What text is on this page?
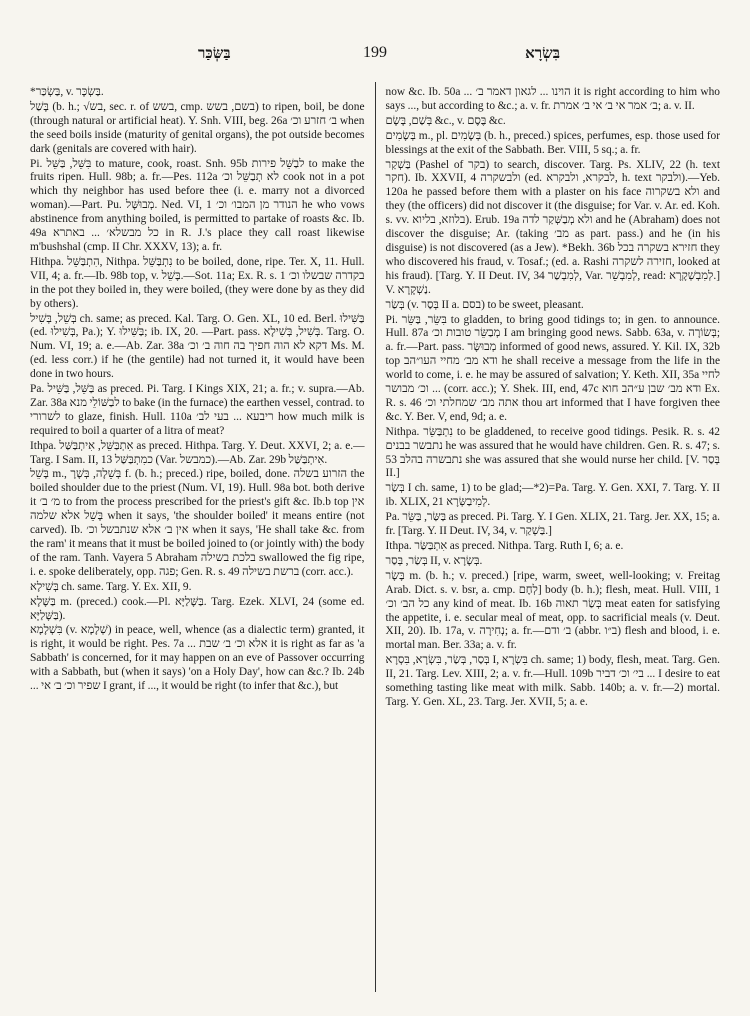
בַּשְּׂכַּר	199	בִּשְׂרָא

*בַּשְׂכַּר, v. בַּשְׂכָּר.

בָּשַׁל (b. h.; √בש, sec. r. of בשש, cmp. בשם, בשש) to ripen, boil, be done (through natural or artificial heat). Y. Snh. VIII, beg. 26a ב׳ חזרע וכ׳ when the seed boils inside (maturity of genital organs), the pot outside becomes dark (genitals are covered with hair).

Pi. בִּשֵּׁל, בַּשֵּׁל to mature, cook, roast. Snh. 95b לבַשֵּׁל פירות to make the fruits ripen. Hull. 98b; a. fr.—Pes. 112a לא תְבַשֵּׁל וכ׳ cook not in a pot which thy neighbor has used before thee (i. e. marry not a divorced woman).—Part. Pu. מְבוּשָּׁל. Ned. VI, 1 הנודר מן המבו׳ וכ׳ he who vows abstinence from anything boiled, is permitted to partake of roasts &c. Ib. 49a כל מבשלא׳ ... באתרא in R. J.'s place they call roast likewise m'bushshal (cmp. II Chr. XXXV, 13); a. fr.

Hithpa. הִתְבַּשֵּׁל, Nithpa. נִתְבַּשֵּׁל to be boiled, done, ripe. Ter. X, 11. Hull. VII, 4; a. fr.—Ib. 98b top, v. בָּשֵׁל.—Sot. 11a; Ex. R. s. 1 בקדרה שבשלו וכ׳ in the pot they boiled in, they were boiled, (they were done by as they did by others).

בְּשֵׁל, בְּשִׁיל ch. same; as preced. Kal. Targ. O. Gen. XL, 10 ed. Berl. בַּשִּׁילוּ (ed. בְּשִׁילוּ, Pa.); Y. בַּשִּׁילוּ; ib. IX, 20. —Part. pass. בְּשִׁיל, בְּשִׁילָא. Targ. O. Num. VI, 19; a. e.—Ab. Zar. 38a דקא לא הוה חפיך בה חוה ב׳ וכ׳ Ms. M. (ed. less corr.) if he (the gentile) had not turned it, it would have been done in two hours.

Pa. בַּשֵּׁל, בַּשֵּׁיל as preced. Pi. Targ. I Kings XIX, 21; a. fr.; v. supra.—Ab. Zar. 38a לבַשּׁוֹלֵי מנא to bake (in the furnace) the earthen vessel, contrad. to לשרורי to glaze, finish. Hull. 110a ריבעא ... בעי לב׳ how much milk is required to boil a quarter of a litra of meat?

Ithpa. אִתְבַּשֵּׁל, אִיתְבַּשַּׁל as preced. Hithpa. Targ. Y. Deut. XXVI, 2; a. e.—Targ. I Sam. II, 13 כמִתְבַּשַּׁל (Var. כמבשל).—Ab. Zar. 29b אִיתְבַּשַּׁל.

בָּשֵׁל m., בְּשֵׁלָה, בְּשָׁרָ f. (b. h.; preced.) ripe, boiled, done. הזרוע בשלה the boiled shoulder due to the priest (Num. VI, 19). Hull. 98a bot. both derive it מ׳ ב׳ to from the process prescribed for the priest's gift &c. Ib.b top אין בָּשֵׁל אלא שלמה when it says, 'the shoulder boiled' it means entire (not carved). Ib. אין ב׳ אלא שנתבשל וכ׳ when it says, 'He shall take &c. from the ram' it means that it must be boiled joined to (or jointly with) the body of the ram. Tanh. Vayera 5 Abraham בלכת בשילה swallowed the fig ripe, i. e. spoke deliberately, opp. פגה; Gen. R. s. 49 ברשת בשילה (corr. acc.).

בְּשִׁילָא ch. same. Targ. Y. Ex. XII, 9.

בַּשָּׁלָא m. (preced.) cook.—Pl. בַּשָּׁלַיָּא. Targ. Ezek. XLVI, 24 (some ed. בַּשָּׁלַיָּא).

בִּשְׁלָמָא (v. שְׁלָמָא) in peace, well, whence (as a dialectic term) granted, it is right, it would be right. Pes. 7a ... אלא וכ׳ ב׳ שבת it is right as far as 'a Sabbath' is concerned, for it may happen on an eve of Passover occurring with a Sabbath, but (when it says) 'on a Holy Day', how can &c.? Ib. 24b ... שפיר וכ׳ ב׳ אי I grant, if ..., it would be right (to infer that &c.), but

now &c. Ib. 50a ... הוינו ... לגאון דאמר ב׳ it is right according to him who says ..., but according to &c.; a. v. fr. ב׳ אמר אי ב׳ אי ב׳ אמרת; a. v. II.

בְּשַׁם, בָּשָׂם &c., v. בֶּסֶם &c.

בְּשָׂמִים m., pl. בְּשָׂמִים (b. h., preced.) spices, perfumes, esp. those used for blessings at the exit of the Sabbath. Ber. VIII, 5 sq.; a. fr.

בַּשְׁקַר (Pashel of בקר) to search, discover. Targ. Ps. XLIV, 22 (h. text חקר). Ib. XXVII, 4 ולבשקרה (ed. לבקרא, ולבקרא, h. text ולבקר).—Yeb. 120a he passed before them with a plaster on his face ולא בשקרוה and they (the officers) did not discover it (the disguise; for Var. v. Ar. ed. Koh. s. vv. בלוזא, בליוא). Erub. 19a ולא מְבַשְּׁקַר לדה and he (Abraham) does not discover the disguise; Ar. (taking מב׳ as part. pass.) and he (in his disguise) is not discovered (as a Jew). *Bekh. 36b חזירא בשקרה בכל they who discovered his fraud, v. Tosaf.; (ed. a. Rashi חזירה לשקרה, looked at his fraud). [Targ. Y. II Deut. IV, 34 לְמִבְשַׁר, Var. לְמִבְשֵׁר, read: לְמִבְשְׁקָרָא.] V. נַשְׁקָרָא.

בְּשַׂר (v. בְּסַר II a. בסם) to be sweet, pleasant.

Pi. בִּשֵּׂר, בַּשֵּׂר to gladden, to bring good tidings to; in gen. to announce. Hull. 87a מְבַשֵּׂר טובות וכ׳ I am bringing good news. Sabb. 63a, v. בְּשׂוֹרָה; a. fr.—Part. pass. מְבוּשָּׂר informed of good news, assured. Y. Kil. IX, 32b top ודא מב׳ מחיי העו״הב he shall receive a message from the life in the world to come, i. e. he may be assured of salvation; Y. Keth. XII, 35a לחיי וכ׳ מבושר ... (corr. acc.); Y. Shek. III, end, 47c ודא מב׳ שבן ע״הב חוא Ex. R. s. 46 אתה מב׳ שמחלתי וכ׳ thou art informed that I have forgiven thee &c. Y. Ber. V, end, 9d; a. e.

Nithpa. נִתְבַּשֵּׂר to be gladdened, to receive good tidings. Pesik. R. s. 42 נתבשר בבנים he was assured that he would have children. Gen. R. s. 47; s. 53 נתבשרה בהלב she was assured that she would nurse her child. [V. בְּסַר II.]

בְּשַׂר I ch. same, 1) to be glad;—*2)=Pa. Targ. Y. Gen. XXI, 7. Targ. Y. II ib. XLIX, 21 לְמִיבַשְּׂרָא.

Pa. בַּשַּׂר, בַּשֵּׂר as preced. Pi. Targ. Y. I Gen. XLIX, 21. Targ. Jer. XX, 15; a. fr. [Targ. Y. II Deut. IV, 34, v. בַּשְׁקַר.]

Ithpa. אִתְבַּשַּׂר as preced. Nithpa. Targ. Ruth I, 6; a. e.

בְּשַׂר, בְּסַר II, v. בְּשָׂרָא.

בָּשָׂר m. (b. h.; v. preced.) [ripe, warm, sweet, well-looking; v. Freitag Arab. Dict. s. v. bsr, a. cmp. לְחֶם] body (b. h.); flesh, meat. Hull. VIII, 1 כל הב׳ וכ׳ any kind of meat. Ib. 16b בְּשַׂר תאוה meat eaten for satisfying the appetite, i. e. secular meal of meat, opp. to sacrificial meals (v. Deut. XII, 20). Ib. 17a, v. נְחִירָה; a. fr.—ב׳ ודם (abbr. ב״ו) flesh and blood, i. e. mortal man. Ber. 33a; a. v. fr.

בְּסַר, בְּשַׂר, בִּשְׂרָא, בִּסְרָא I, בִּשְׂרָא ch. same; 1) body, flesh, meat. Targ. Gen. II, 21. Targ. Lev. XIII, 2; a. v. fr.—Hull. 109b בי׳ וכ׳ דביר ... I desire to eat something tasting like meat with milk. Sabb. 140b; a. v. fr.—2) mortal. Targ. Y. Gen. XL, 23. Targ. Jer. XVII, 5; a. e.
